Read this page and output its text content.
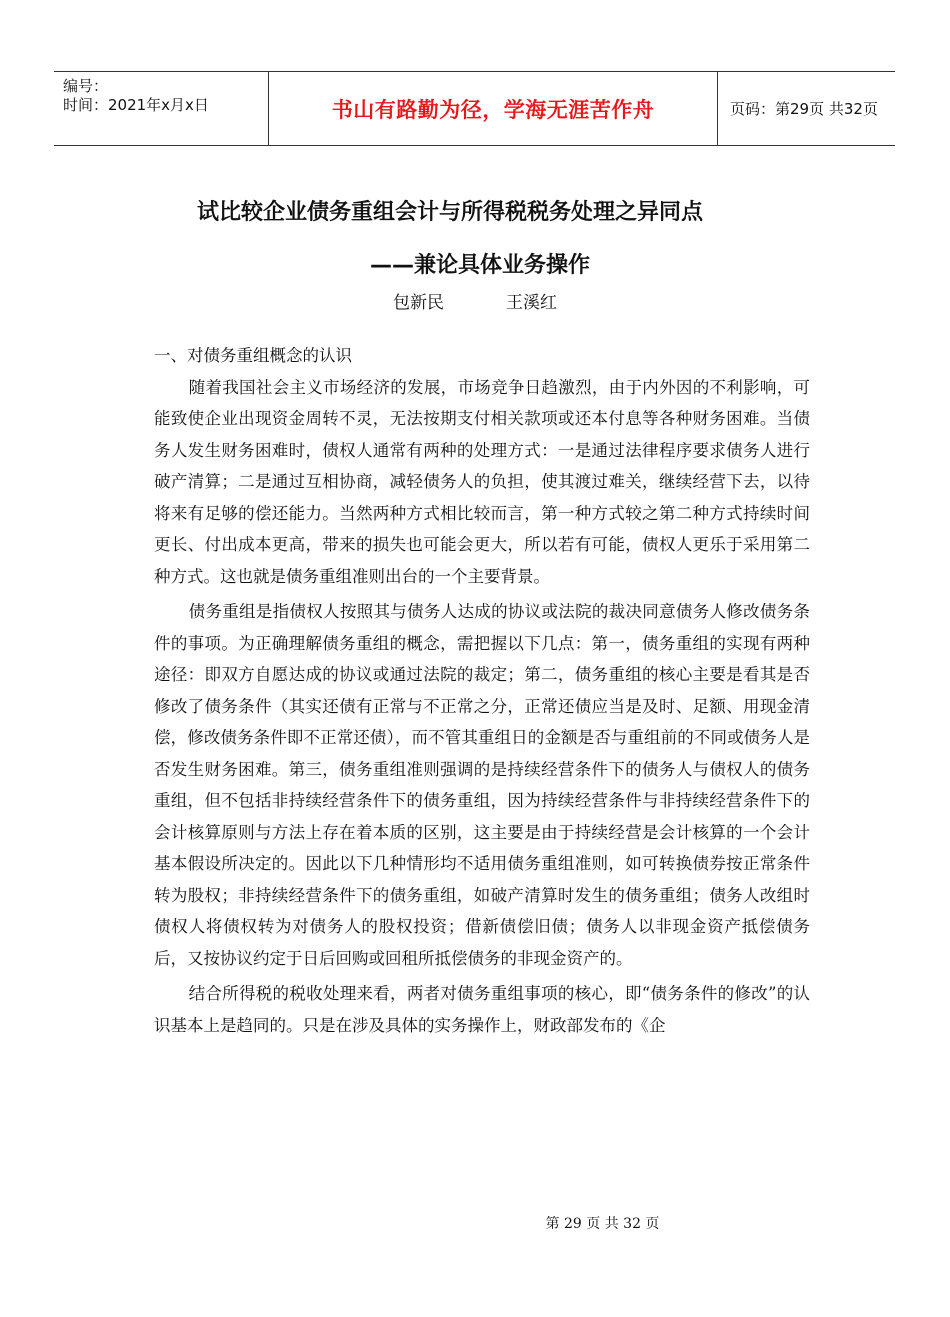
编号：
时间：2021年x月x日	书山有路勤为径，学海无涯苦作舟	页码：第29页 共32页
试比较企业债务重组会计与所得税税务处理之异同点
——兼论具体业务操作
包新民	王溪红

一、对债务重组概念的认识

随着我国社会主义市场经济的发展，市场竞争日趋激烈，由于内外因的不利影响，可能致使企业出现资金周转不灵，无法按期支付相关款项或还本付息等各种财务困难。当债务人发生财务困难时，债权人通常有两种的处理方式：一是通过法律程序要求债务人进行破产清算；二是通过互相协商，减轻债务人的负担，使其渡过难关，继续经营下去，以待将来有足够的偿还能力。当然两种方式相比较而言，第一种方式较之第二种方式持续时间更长、付出成本更高，带来的损失也可能会更大，所以若有可能，债权人更乐于采用第二种方式。这也就是债务重组准则出台的一个主要背景。

债务重组是指债权人按照其与债务人达成的协议或法院的裁决同意债务人修改债务条件的事项。为正确理解债务重组的概念，需把握以下几点：第一，债务重组的实现有两种途径：即双方自愿达成的协议或通过法院的裁定；第二，债务重组的核心主要是看其是否修改了债务条件（其实还债有正常与不正常之分，正常还债应当是及时、足额、用现金清偿，修改债务条件即不正常还债），而不管其重组日的金额是否与重组前的不同或债务人是否发生财务困难。第三，债务重组准则强调的是持续经营条件下的债务人与债权人的债务重组，但不包括非持续经营条件下的债务重组，因为持续经营条件与非持续经营条件下的会计核算原则与方法上存在着本质的区别，这主要是由于持续经营是会计核算的一个会计基本假设所决定的。因此以下几种情形均不适用债务重组准则，如可转换债券按正常条件转为股权；非持续经营条件下的债务重组，如破产清算时发生的债务重组；债务人改组时债权人将债权转为对债务人的股权投资；借新债偿旧债；债务人以非现金资产抵偿债务后，又按协议约定于日后回购或回租所抵偿债务的非现金资产的。

结合所得税的税收处理来看，两者对债务重组事项的核心，即“债务条件的修改”的认识基本上是趋同的。只是在涉及具体的实务操作上，财政部发布的《企

第 29 页 共 32 页
